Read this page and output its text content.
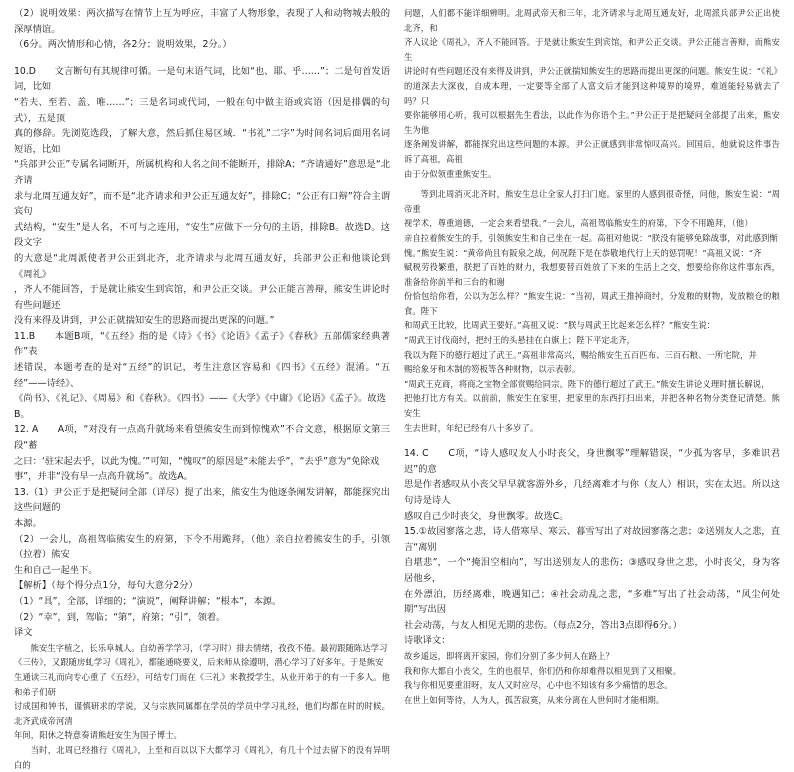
（2）说明效果：两次描写在情节上互为呼应，丰富了人物形象，表现了人和动物城去般的深厚情谊。

（6分。两次情形和心情，各2分；说明效果，2分。）

10.D　　文言断句有其规律可循。一是句末语气词，比如“也、耶、乎……”；二是句首发语词，比如

“若夫、至若、盖、唯……”；三是名词或代词，一般在句中做主语或宾语（因是排偶的句式），五是顶

真的修辞。先浏览选段，了解大意，然后抓住易区域．“书礼”二字”为时间名词后面用名词短语，比如

“兵部尹公正”专属名词断开，所属机构和人名之间不能断开，排除A；“齐请通好”意思是“北齐请

求与北周互通友好”，而不是“北齐请求和尹公正互通友好”，排除C；“公正有口辩”符合主谓宾句

式结构，“安生”是人名，不可与之连用，“安生”应做下一分句的主语，排除B。故选D。这段文字

的大意是“北周派使者尹公正到北齐，北齐请求与北周互通友好，兵部尹公正和他谈论到《周礼》

，齐人不能回答，于是就让熊安生到宾馆，和尹公正交谈。尹公正能言善辩，熊安生讲论时有些问题还

没有来得及讲到，尹公正就揣知安生的思路而提出更深的问题。”

11.B　　本题B项，“《五经》指的是《诗》《书》《论语》《孟子》《春秋》五部儒家经典著作”表

述错误，本题考查的是对“五经”的识记，考生注意区容易和《四书》《五经》混淆。“五经”——诗经》、

《尚书》、《礼记》、《周易》和《春秋》。《四书》——《大学》《中庸》《论语》《孟子》。故选

B。

12. A　　A项，“对没有一点高升就场来看望熊安生而到惊愧欢”不合文意，根据原文第三段“蓄

之曰：‘驻宋起去乎，以此为愧。’”可知，“愧叹”的原因是“未能去乎”，“去乎”意为“免除戏

事”，并非“没有早一点高升就场”。故选A。

13.（1）尹公正于是把疑问全部（详尽）提了出来，熊安生为他逐条阐发讲解，都能探究出这些问题的

本源。

（2）一会儿，高祖驾临熊安生的府第，下令不用跪拜，（他）亲自拉着熊安生的手，引领（拉着）熊安

生和自己一起坐下。

【解析】（每个得分点1分，每句大意分2分）

（1）“具”，全部，详细的；“演说”，阐释讲解；“根本”，本源。

（2）“幸”，到，驾临；“第”，府第；“引”，领着。

译文

熊安生字植之，长乐阜城人。自幼善学学习，（学习时）排去情绪，孜孜不倦。最初跟随陈达学习

《三传》，又跟随房虬学习《周礼》，都能通晓要义，后来师从徐遵明，潜心学习了好多年。于是熊安

生通读三礼而向专心重了《五经》，可结专门而在《三礼》来教授学生，从业开弟于的有一千多人。他和弟子们研

讨成国和钟书，谨慎研求的学说，又与宗族同属都在学员的学员中学习礼经，他们均都在时的时候。北齐武成帝河清

年间，阳休之特意奏请熊赶安生为国子博士。

当时，北周已经推行《周礼》，上至和百以以下大都学习《周礼》，有几十个过去留下的没有异明白的

问题，人们都不能详细辨明。北周武帝天和三年，北齐请求与北周互通友好，北周派兵部尹公正出使北齐，和

齐人议论《周礼》，齐人不能回答。于是就让熊安生到宾馆，和尹公正交谈。尹公正能言善辩，而熊安生

讲论时有些问题还没有来得及讲到，尹公正就揣知熊安生的思路而提出更深的问题。熊安生说：“《礼》

的道深去大深夜，自成本理，一定要等全部了人富文后才能到这种境界的境界，难道能轻易就去了吗？只

要你能够用心听，我可以根据先生看法，以此作为你语个主。”尹公正于是把疑问全部提了出来，熊安生为他

逐条阐发讲解，都能探究出这些问题的本源。尹公正就感到非常惊叹高兴。回国后，他就说这件事告诉了高祖，高祖

由于分似领重重熊安生。

等到北周消灭北齐时，熊安生总让全家人打扫门庭。家里的人感到很奇怪，问他，熊安生说：“周帝重

视学术，尊重道德，一定会来看望我。”一会儿，高祖驾临熊安生的府第，下令不用跪拜，（他）

亲自拉着熊安生的手，引领熊安生和自己坐在一起。高祖对他说：“朕没有能够免除战事，对此感到惭

愧。”熊安生说：“黄帝尚且有阪泉之战，何况陛下是在恭敬地代行上天的惩罚呢！”高祖又说：“齐

赋税劳役繁重，朕把了百姓的财力，我想要替百姓放了下来的生活上之交，想要给你你这件事东西，准备给你前半和三台的和谢

份恰包给你看，公以为怎么样？”熊安生说：“当初，周武王推掉商纣，分发粮的财物，发放粮仓的粮食。陛下

和周武王比较，比周武王要好。”高祖又说：“朕与周武王比起来怎么样？”熊安生说：

“周武王讨伐商纣，把纣王的头悬挂在白旗上；陛下平定北齐，

我以为陛下的德行超过了武王。”高祖非常高兴，赐给熊安生五百匹布、三百石粮、一所宅院，并

赐给象牙和木制的笏板等各种财物，以示表彰。

“周武王克商，将商之宝物全部赏赐给同宗。陛下的德行超过了武王。”熊安生讲论义理时擅长解说，

把他打比方有关。以前前，熊安生在家里，把家里的东西打扫出来，并把各种名物分类登记清楚。熊安生

生去世时，年纪已经有八十多岁了。

14. C　　C项，“诗人感叹友人小时丧父，身世飘零”理解错误，“少孤为客早，多难识君迟”的意

思是作者感叹从小丧父早早就客游外乡，几经离难才与你（友人）相识，实在太迟。所以这句诗是诗人

感叹自己少时丧父，身世飘零。故选C。

15.①故园寥落之悲，诗人借寒早、寒云、暮雪写出了对故园寥落之悲；②送别友人之悲，直言“离别

自堪悲”，一个“掩泪空相向”，写出送别友人的悲伤；③感叹身世之悲，小时丧父，身为客居他乡，

在外漂泊，历经离难，晚遇知己；④社会动乱之悲，“多难”写出了社会动荡，“风尘何处期”写出因

社会动荡，与友人相见无期的悲伤。（每点2分，答出3点即得6分。）

诗歌译文：

故乡遥远，即将离开家园，你们分别了多少何人在路上？

我和你大都自小丧父，生的也很早，你们仍和你却难得以相见到了又相聚。

我与你相见要重泪呀，友人又时应尽，心中也不知该有多少痛惜的思念。

在世上如何等待，人为人，孤苦寂寞，从来分离在人世何时才能相期。
